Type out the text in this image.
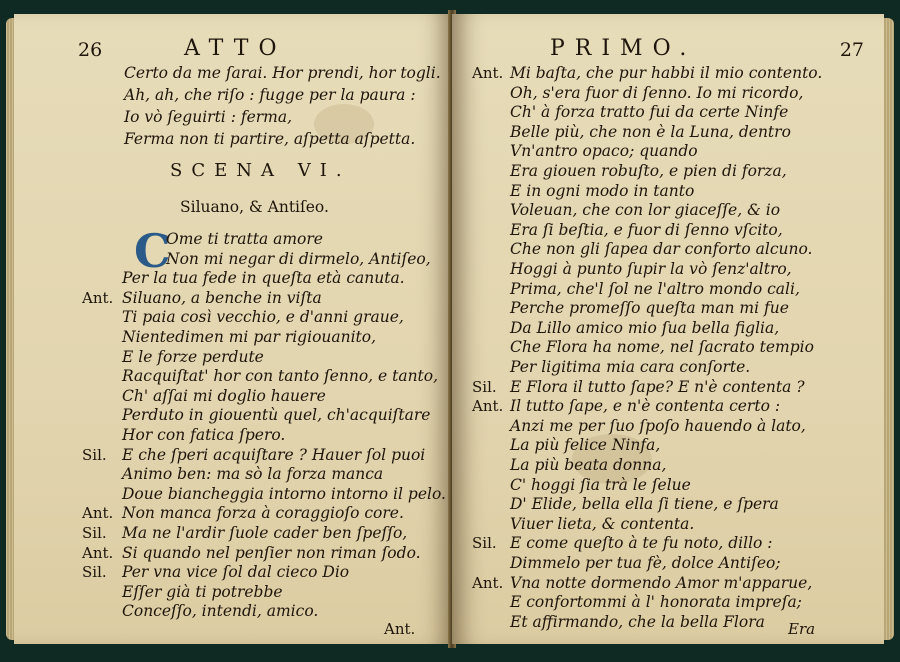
26	ATTO
Certo da me ſarai. Hor prendi, hor togli.
Ah, ah, che riſo : fugge per la paura :
Io vò ſeguirti : ferma,
Ferma non ti partire, aſpetta aſpetta.
SCENA VI.
Siluano, & Antiſeo.
C
Ome ti tratta amore
Non mi negar di dirmelo, Antiſeo,
Per la tua fede in queſta età canuta.
Ant. Siluano, a benche in viſta
Ti paia così vecchio, e d'anni graue,
Nientedimen mi par rigiouanito,
E le forze perdute
Racquiſtat' hor con tanto ſenno, e tanto,
Ch' aſſai mi doglio hauere
Perduto in giouentù quel, ch'acquiſtare
Hor con fatica ſpero.
Sil. E che ſperi acquiſtare ? Hauer ſol puoi
Animo ben: ma sò la forza manca
Doue biancheggia intorno intorno il pelo.
Ant. Non manca forza à coraggioſo core.
Sil. Ma ne l'ardir ſuole cader ben ſpeſſo,
Ant. Si quando nel penſier non riman ſodo.
Sil. Per vna vice ſol dal cieco Dio
Eſſer già ti potrebbe
Ant.
Conceſſo, intendi, amico.
PRIMO.	27
Ant. Mi baſta, che pur habbi il mio contento.
Oh, s'era fuor di ſenno. Io mi ricordo,
Ch' à forza tratto fui da certe Ninfe
Belle più, che non è la Luna, dentro
Vn'antro opaco; quando
Era giouen robuſto, e pien di forza,
E in ogni modo in tanto
Voleuan, che con lor giaceſſe, & io
Era ſi beſtia, e fuor di ſenno vſcito,
Che non gli ſapea dar conforto alcuno.
Hoggi à punto ſupir la vò ſenz'altro,
Prima, che'l ſol ne l'altro mondo cali,
Perche promeſſo queſta man mi fue
Da Lillo amico mio ſua bella figlia,
Che Flora ha nome, nel ſacrato tempio
Per ligitima mia cara conſorte.
Sil. E Flora il tutto ſape? E n'è contenta ?
Ant. Il tutto ſape, e n'è contenta certo :
Anzi me per ſuo ſpoſo hauendo à lato,
La più felice Ninfa,
La più beata donna,
C' hoggi ſia trà le ſelue
D' Elide, bella ella ſi tiene, e ſpera
Viuer lieta, & contenta.
Sil. E come queſto à te fu noto, dillo :
Dimmelo per tua fè, dolce Antiſeo;
Ant. Vna notte dormendo Amor m'apparue,
E confortommi à l' honorata impreſa;
Et affirmando, che la bella Flora Era
